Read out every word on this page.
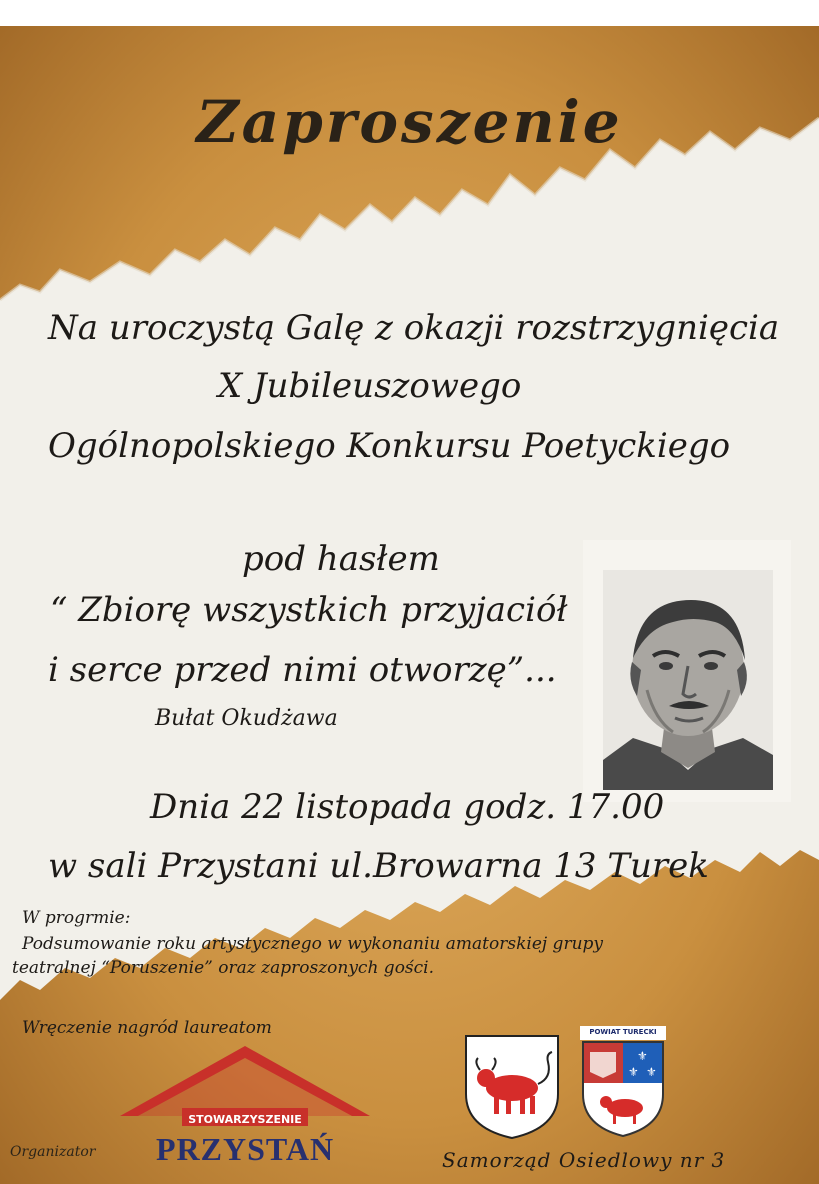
Zaproszenie

Na uroczystą Galę z okazji rozstrzygnięcia

X Jubileuszowego

Ogólnopolskiego Konkursu Poetyckiego

pod hasłem

“ Zbiorę wszystkich przyjaciół

i serce przed nimi otworzę”...

Bułat Okudżawa

Dnia 22 listopada godz. 17.00

w sali Przystani ul.Browarna 13 Turek

W progrmie:

Podsumowanie roku artystycznego w wykonaniu amatorskiej grupy

teatralnej “Poruszenie” oraz zaproszonych gości.

Wręczenie nagród laureatom

Organizator

STOWARZYSZENIE

PRZYSTAŃ

⚜
⚜ ⚜

POWIAT TURECKI

Samorząd Osiedlowy nr 3
